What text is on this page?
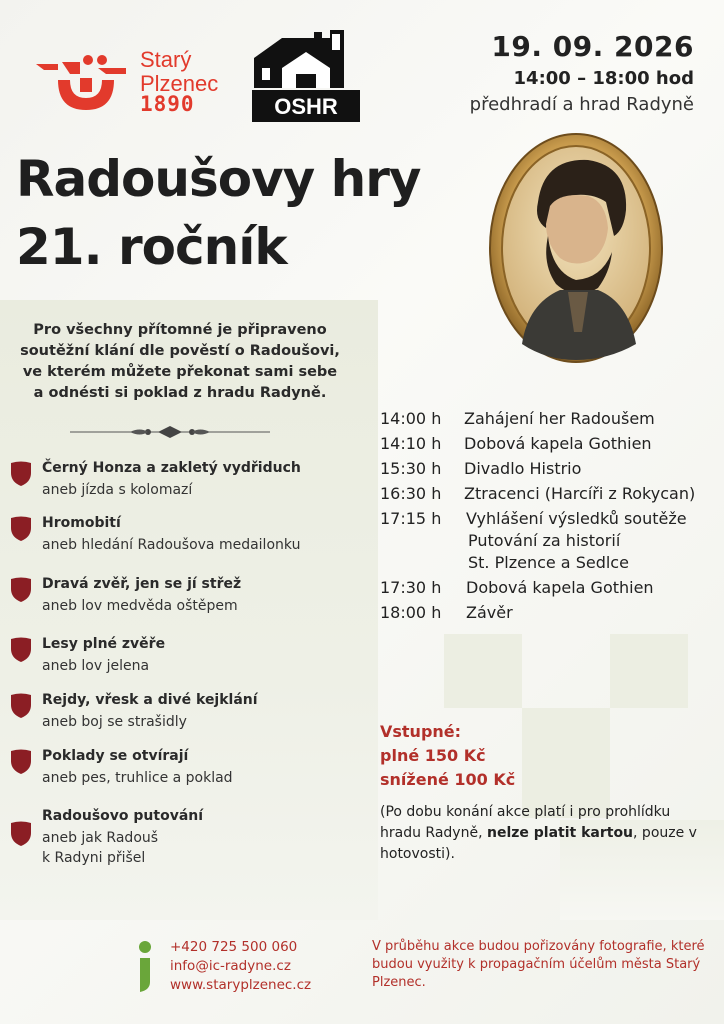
Starý
Plzenec
1890	OSHR
19. 09. 2026
14:00 – 18:00 hod
předhradí a hrad Radyně
Radoušovy hry
21. ročník
Pro všechny přítomné je připraveno
soutěžní klání dle pověstí o Radoušovi,
ve kterém můžete překonat sami sebe
a odnésti si poklad z hradu Radyně.
Černý Honza a zakletý vydřiduch
aneb jízda s kolomazí
Hromobití
aneb hledání Radoušova medailonku
Dravá zvěř, jen se jí střež
aneb lov medvěda oštěpem
Lesy plné zvěře
aneb lov jelena
Rejdy, vřesk a divé kejklání
aneb boj se strašidly
Poklady se otvírají
aneb pes, truhlice a poklad
Radoušovo putování
aneb jak Radouš
k Radyni přišel
14:00 h Zahájení her Radoušem
14:10 h Dobová kapela Gothien
15:30 h Divadlo Histrio
16:30 h Ztracenci (Harcíři z Rokycan)
17:15 h Vyhlášení výsledků soutěže
Putování za historií
St. Plzence a Sedlce
17:30 h Dobová kapela Gothien
18:00 h Závěr
Vstupné:
plné 150 Kč
snížené 100 Kč
(Po dobu konání akce platí i pro prohlídku hradu Radyně, nelze platit kartou, pouze v hotovosti).
+420 725 500 060
info@ic-radyne.cz
www.staryplzenec.cz
V průběhu akce budou pořizovány fotografie, které budou využity k propagačním účelům města Starý Plzenec.
